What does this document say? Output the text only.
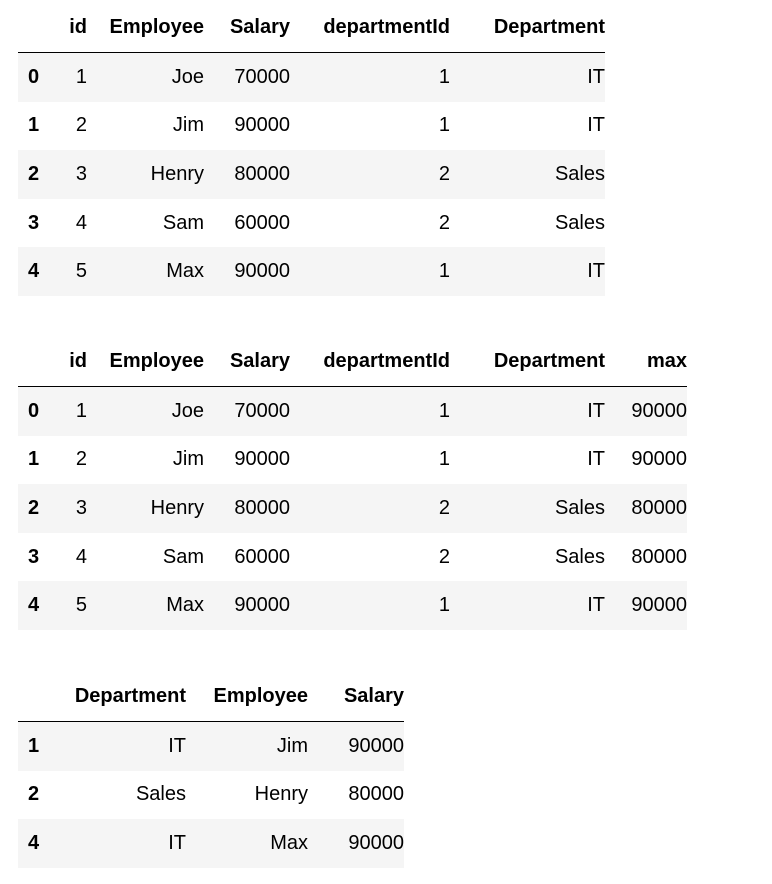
	id	Employee	Salary	departmentId	Department
0	1	Joe	70000	1	IT
1	2	Jim	90000	1	IT
2	3	Henry	80000	2	Sales
3	4	Sam	60000	2	Sales
4	5	Max	90000	1	IT
	id	Employee	Salary	departmentId	Department	max
0	1	Joe	70000	1	IT	90000
1	2	Jim	90000	1	IT	90000
2	3	Henry	80000	2	Sales	80000
3	4	Sam	60000	2	Sales	80000
4	5	Max	90000	1	IT	90000
	Department	Employee	Salary
1	IT	Jim	90000
2	Sales	Henry	80000
4	IT	Max	90000
